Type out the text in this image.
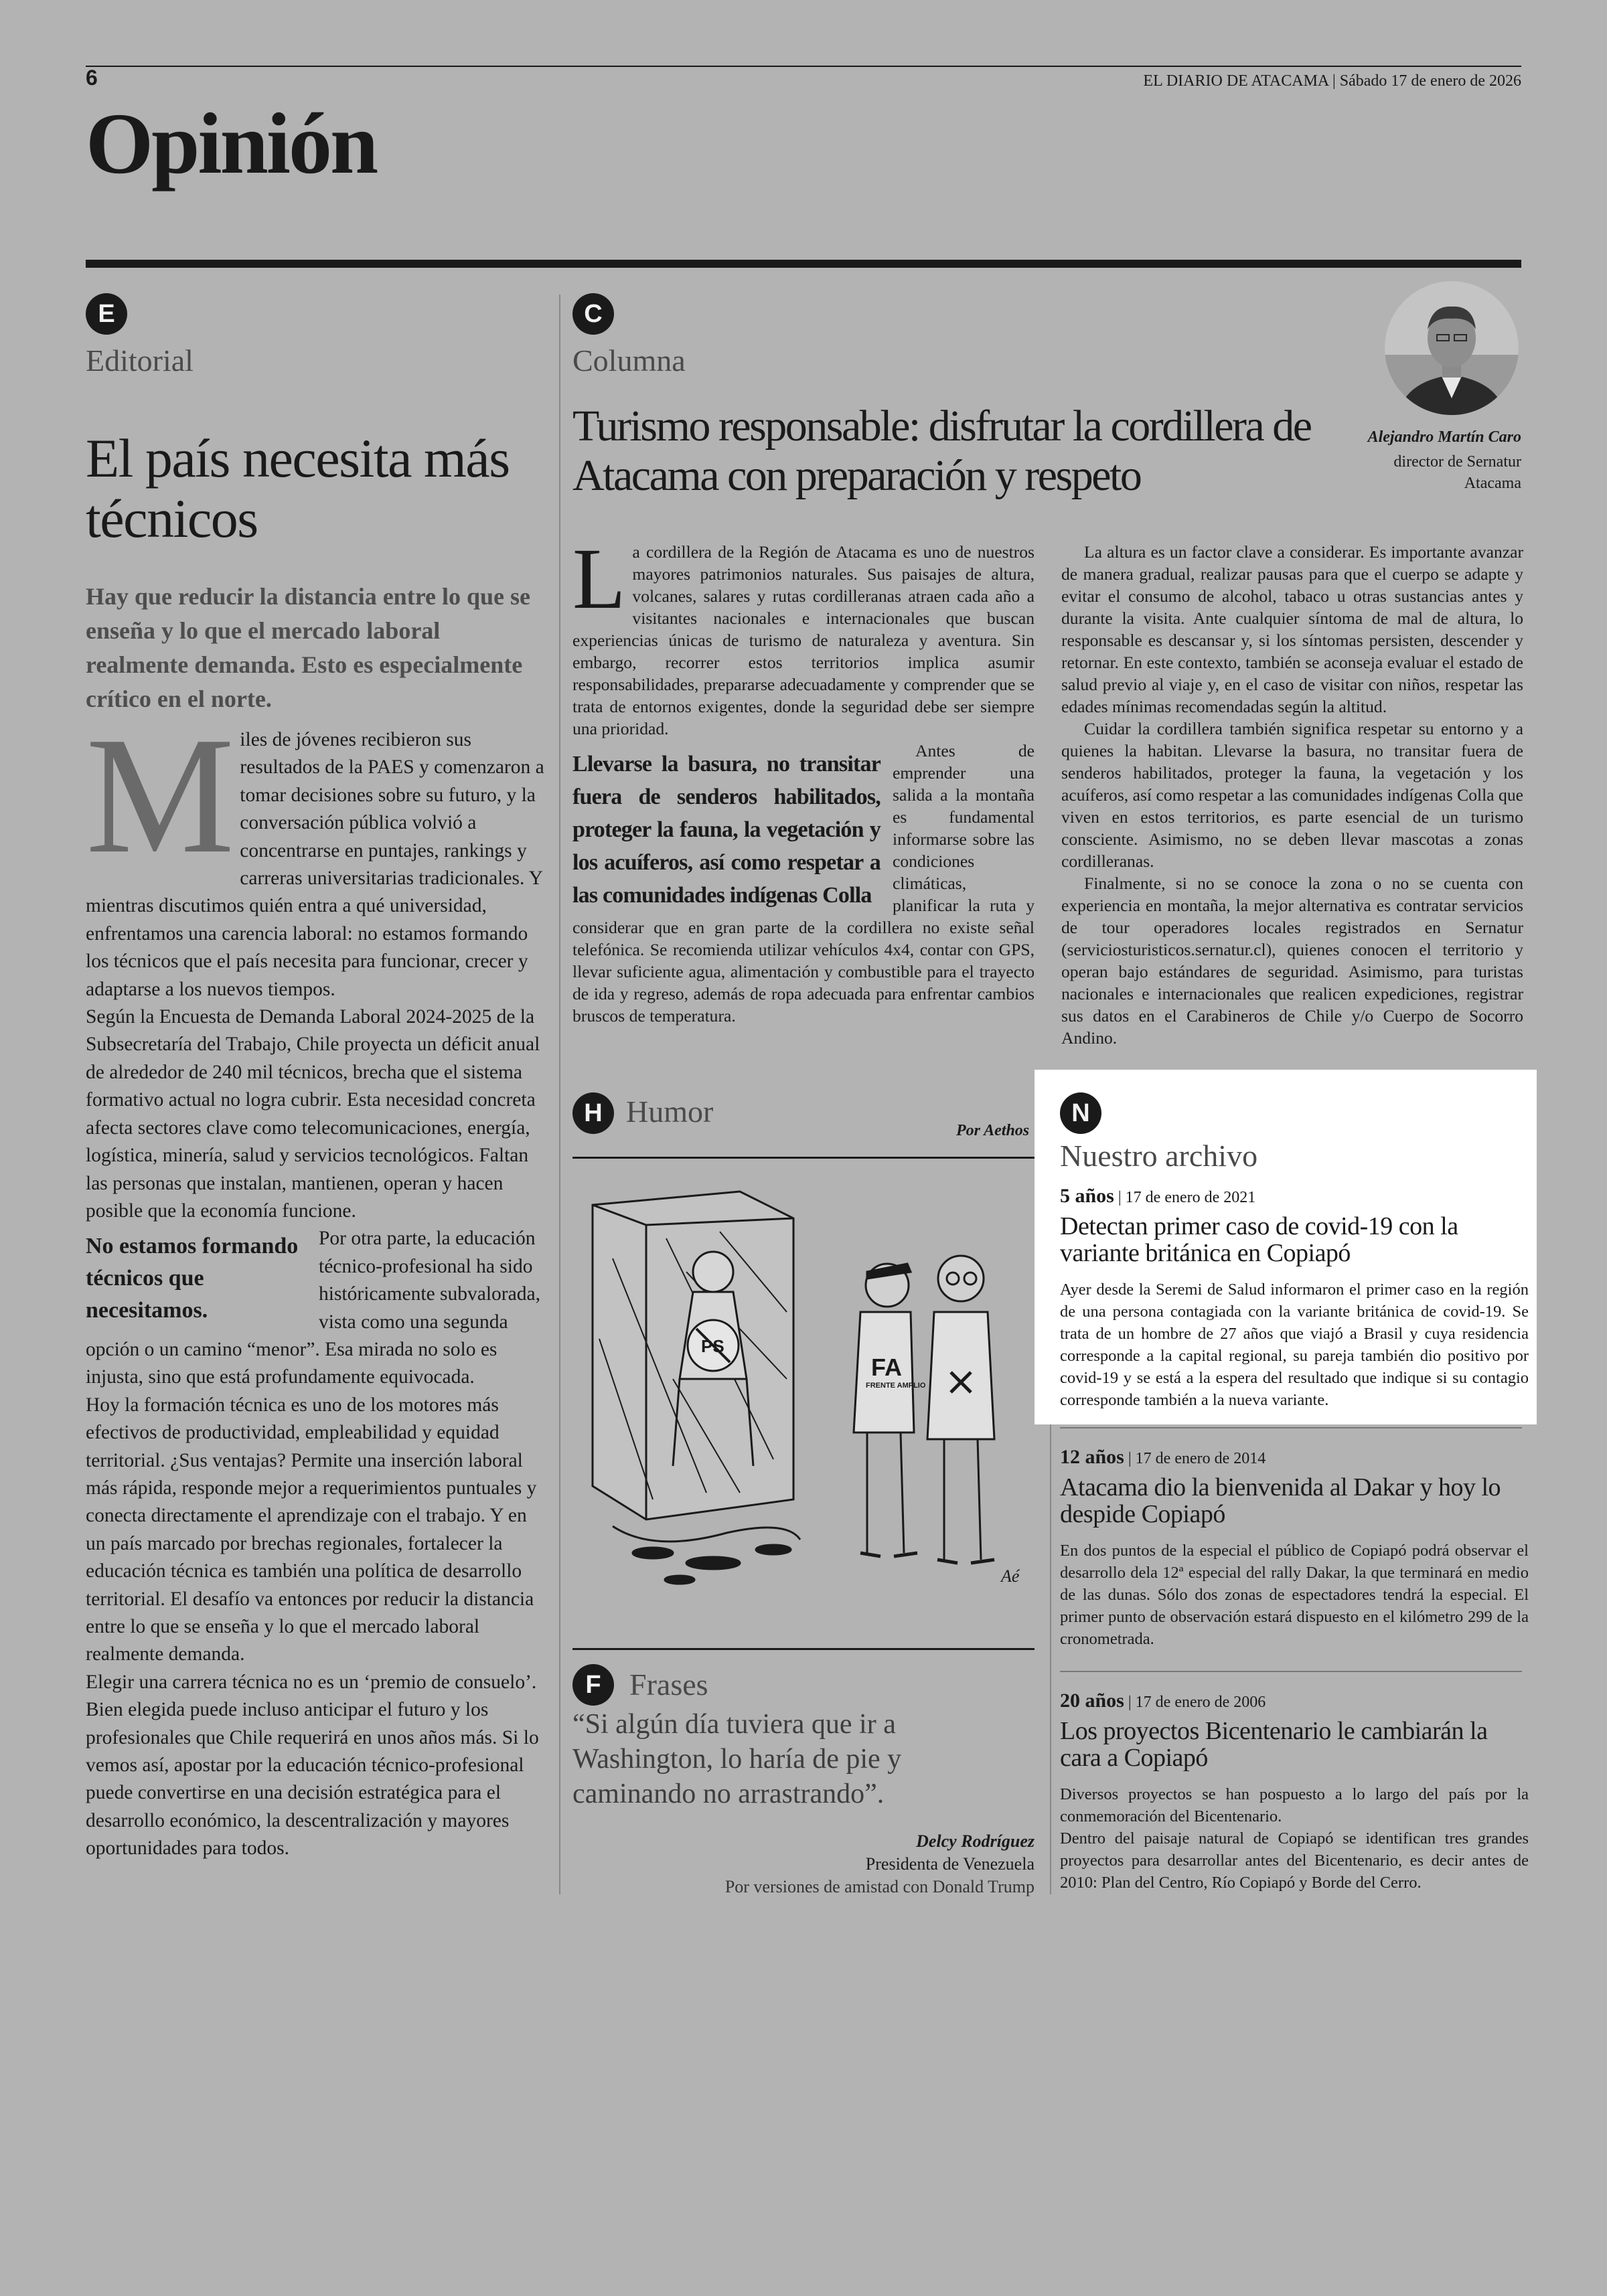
6	EL DIARIO DE ATACAMA | Sábado 17 de enero de 2026
Opinión
E
Editorial
El país necesita más técnicos
Hay que reducir la distancia entre lo que se enseña y lo que el mercado laboral realmente demanda. Esto es especialmente crítico en el norte.
M iles de jóvenes recibieron sus resultados de la PAES y comenzaron a tomar decisiones sobre su futuro, y la conversación pública volvió a concentrarse en puntajes, rankings y carreras universitarias tradicionales. Y mientras discutimos quién entra a qué universidad, enfrentamos una carencia laboral: no estamos formando los técnicos que el país necesita para funcionar, crecer y adaptarse a los nuevos tiempos.

Según la Encuesta de Demanda Laboral 2024-2025 de la Subsecretaría del Trabajo, Chile proyecta un déficit anual de alrededor de 240 mil técnicos, brecha que el sistema formativo actual no logra cubrir. Esta necesidad concreta afecta sectores clave como telecomunicaciones, energía, logística, minería, salud y servicios tecnológicos. Faltan las personas que instalan, mantienen, operan y hacen posible que la economía funcione.

No estamos formando técnicos que necesitamos.

Por otra parte, la educación técnico-profesional ha sido históricamente subvalorada, vista como una segunda opción o un camino “menor”. Esa mirada no solo es injusta, sino que está profundamente equivocada.

Hoy la formación técnica es uno de los motores más efectivos de productividad, empleabilidad y equidad territorial. ¿Sus ventajas? Permite una inserción laboral más rápida, responde mejor a requerimientos puntuales y conecta directamente el aprendizaje con el trabajo. Y en un país marcado por brechas regionales, fortalecer la educación técnica es también una política de desarrollo territorial. El desafío va entonces por reducir la distancia entre lo que se enseña y lo que el mercado laboral realmente demanda.

Elegir una carrera técnica no es un ‘premio de consuelo’. Bien elegida puede incluso anticipar el futuro y los profesionales que Chile requerirá en unos años más. Si lo vemos así, apostar por la educación técnico-profesional puede convertirse en una decisión estratégica para el desarrollo económico, la descentralización y mayores oportunidades para todos.

C
Columna
Alejandro Martín Caro
director de Sernatur Atacama
Turismo responsable: disfrutar la cordillera de Atacama con preparación y respeto
L a cordillera de la Región de Atacama es uno de nuestros mayores patrimonios naturales. Sus paisajes de altura, volcanes, salares y rutas cordilleranas atraen cada año a visitantes nacionales e internacionales que buscan experiencias únicas de turismo de naturaleza y aventura. Sin embargo, recorrer estos territorios implica asumir responsabilidades, prepararse adecuadamente y comprender que se trata de entornos exigentes, donde la seguridad debe ser siempre una prioridad.

Llevarse la basura, no transitar fuera de senderos habilitados, proteger la fauna, la vegetación y los acuíferos, así como respetar a las comunidades indígenas Colla

Antes de emprender una salida a la montaña es fundamental informarse sobre las condiciones climáticas, planificar la ruta y considerar que en gran parte de la cordillera no existe señal telefónica. Se recomienda utilizar vehículos 4x4, contar con GPS, llevar suficiente agua, alimentación y combustible para el trayecto de ida y regreso, además de ropa adecuada para enfrentar cambios bruscos de temperatura.

La altura es un factor clave a considerar. Es importante avanzar de manera gradual, realizar pausas para que el cuerpo se adapte y evitar el consumo de alcohol, tabaco u otras sustancias antes y durante la visita. Ante cualquier síntoma de mal de altura, lo responsable es descansar y, si los síntomas persisten, descender y retornar. En este contexto, también se aconseja evaluar el estado de salud previo al viaje y, en el caso de visitar con niños, respetar las edades mínimas recomendadas según la altitud.

Cuidar la cordillera también significa respetar su entorno y a quienes la habitan. Llevarse la basura, no transitar fuera de senderos habilitados, proteger la fauna, la vegetación y los acuíferos, así como respetar a las comunidades indígenas Colla que viven en estos territorios, es parte esencial de un turismo consciente. Asimismo, no se deben llevar mascotas a zonas cordilleranas.

Finalmente, si no se conoce la zona o no se cuenta con experiencia en montaña, la mejor alternativa es contratar servicios de tour operadores locales registrados en Sernatur (serviciosturisticos.sernatur.cl), quienes conocen el territorio y operan bajo estándares de seguridad. Asimismo, para turistas nacionales e internacionales que realicen expediciones, registrar sus datos en el Carabineros de Chile y/o Cuerpo de Socorro Andino.

H Humor
Por Aethos
PS
FA
FRENTE AMPLIO
Aé
F Frases
“Si algún día tuviera que ir a Washington, lo haría de pie y caminando no arrastrando”.
Delcy Rodríguez
Presidenta de Venezuela
Por versiones de amistad con Donald Trump
N
Nuestro archivo
5 años | 17 de enero de 2021
Detectan primer caso de covid-19 con la variante británica en Copiapó
Ayer desde la Seremi de Salud informaron el primer caso en la región de una persona contagiada con la variante británica de covid-19. Se trata de un hombre de 27 años que viajó a Brasil y cuya residencia corresponde a la capital regional, su pareja también dio positivo por covid-19 y se está a la espera del resultado que indique si su contagio corresponde también a la nueva variante.
12 años | 17 de enero de 2014
Atacama dio la bienvenida al Dakar y hoy lo despide Copiapó
En dos puntos de la especial el público de Copiapó podrá observar el desarrollo dela 12ª especial del rally Dakar, la que terminará en medio de las dunas. Sólo dos zonas de espectadores tendrá la especial. El primer punto de observación estará dispuesto en el kilómetro 299 de la cronometrada.
20 años | 17 de enero de 2006
Los proyectos Bicentenario le cambiarán la cara a Copiapó
Diversos proyectos se han pospuesto a lo largo del país por la conmemoración del Bicentenario.
Dentro del paisaje natural de Copiapó se identifican tres grandes proyectos para desarrollar antes del Bicentenario, es decir antes de 2010: Plan del Centro, Río Copiapó y Borde del Cerro.
